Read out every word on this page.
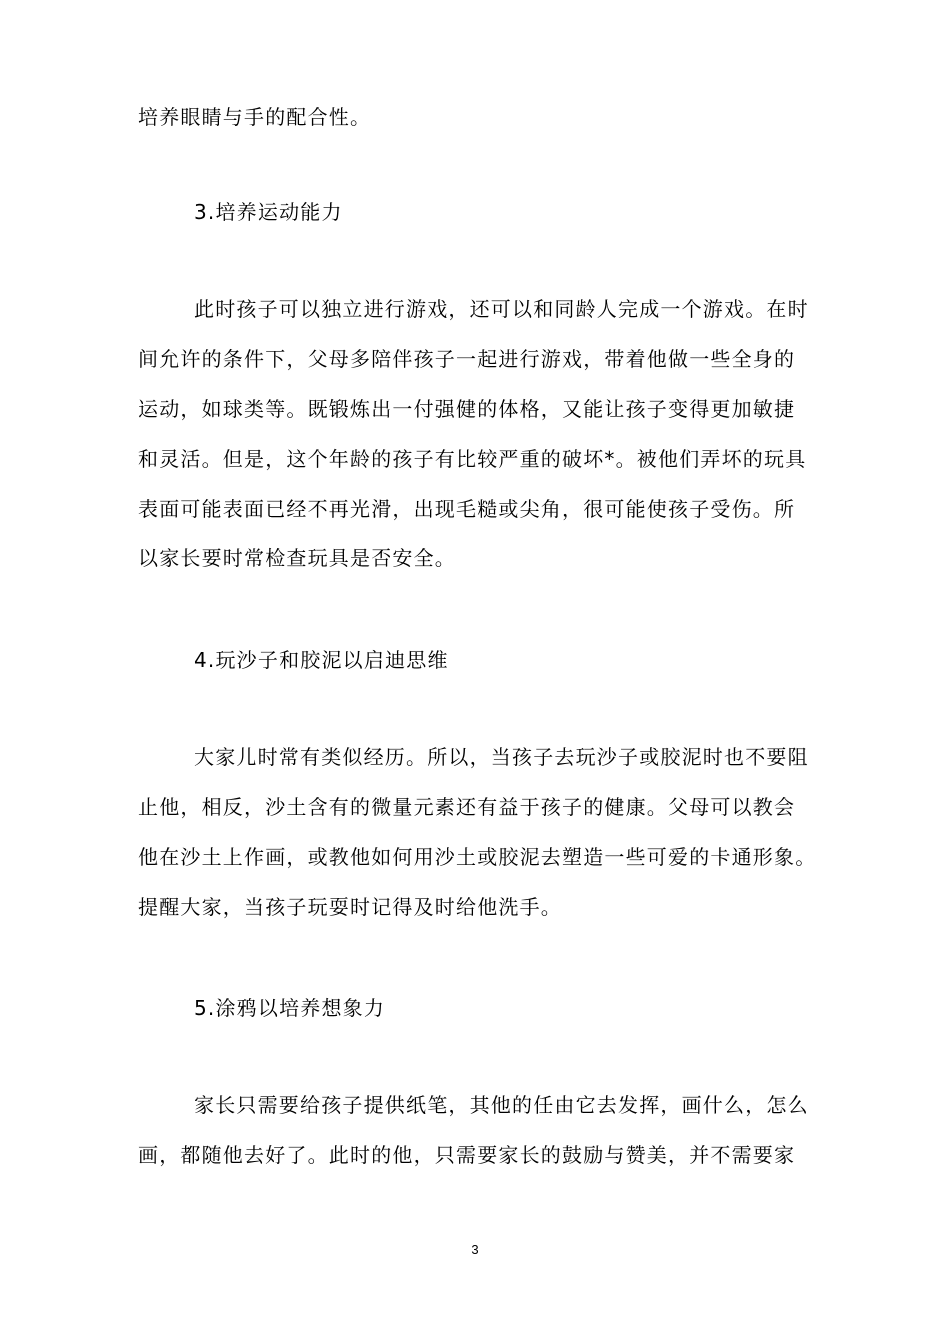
培养眼睛与手的配合性。
3.培养运动能力
此时孩子可以独立进行游戏，还可以和同龄人完成一个游戏。在时
间允许的条件下，父母多陪伴孩子一起进行游戏，带着他做一些全身的
运动，如球类等。既锻炼出一付强健的体格，又能让孩子变得更加敏捷
和灵活。但是，这个年龄的孩子有比较严重的破坏*。被他们弄坏的玩具
表面可能表面已经不再光滑，出现毛糙或尖角，很可能使孩子受伤。所
以家长要时常检查玩具是否安全。
4.玩沙子和胶泥以启迪思维
大家儿时常有类似经历。所以，当孩子去玩沙子或胶泥时也不要阻
止他，相反，沙土含有的微量元素还有益于孩子的健康。父母可以教会
他在沙土上作画，或教他如何用沙土或胶泥去塑造一些可爱的卡通形象。
提醒大家，当孩子玩耍时记得及时给他洗手。
5.涂鸦以培养想象力
家长只需要给孩子提供纸笔，其他的任由它去发挥，画什么，怎么
画，都随他去好了。此时的他，只需要家长的鼓励与赞美，并不需要家
3
